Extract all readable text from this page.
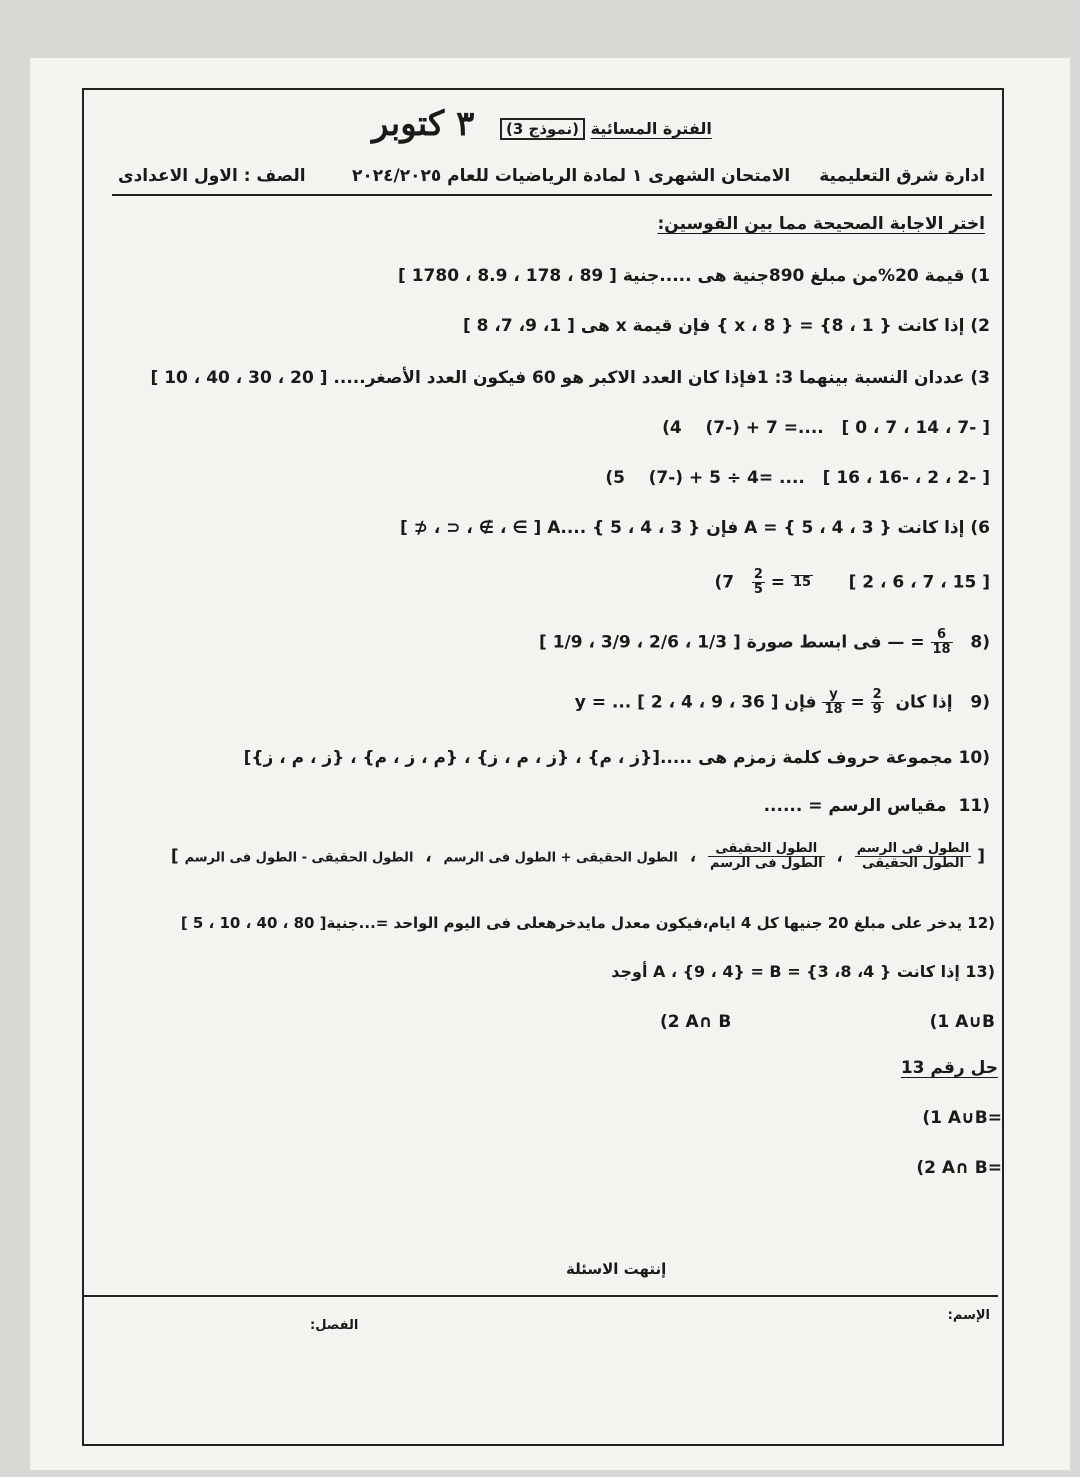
الفترة المسائية (نموذج 3)
٣ كتوبر
ادارة شرق التعليمية
الامتحان الشهرى ١ لمادة الرياضيات للعام ٢٠٢٤/٢٠٢٥
الصف : الاول الاعدادى
اختر الاجابة الصحيحة مما بين القوسين:
1) قيمة 20%من مبلغ 890جنية هى .....جنية [ 89 ، 178 ، 8.9 ، 1780 ]
2) إذا كانت { 1 ، 8} = { x ، 8 } فإن قيمة x هى [ 1، 9، 7، 8 ]
3) عددان النسبة بينهما 3: 1فإذا كان العدد الاكبر هو 60 فيكون العدد الأصغر..... [ 20 ، 30 ، 40 ، 10 ]
(4 (7-) + 7 =.... [ 0 ، 7 ، 14 ، 7- ]
(5 (7-) + 5 ÷ 4= .... [ 16 ، 16- ، 2 ، 2- ]
6) إذا كانت { 3 ، 4 ، 5 } = A فإن { 3 ، 4 ، 5 } ....A [ ∋ ، ∌ ، ⊂ ، ⊄ ]
($7 \frac{2}{5} = 15$ [ 2 ، 6 ، 7 ، 15 ]
(8
$\frac{6}{18}$
= — فى ابسط صورة [ 1/3 ، 2/6 ، 3/9 ، 1/9 ]
(9   إذا كان
$\frac{2}{9}$
=
$\frac{y}{18}$
فإن y = ... [ 2 ، 4 ، 9 ، 36 ]
(10 مجموعة حروف كلمة زمزم هى .....[{ز ، م} ، {ز ، م ، ز} ، {م ، ز ، م} ، {ز ، م ، ز}]
(11  مقياس الرسم = ......
[
$\frac{\text{الطول فى الرسم}}{\text{الطول الحقيقى}}$
،
$\frac{\text{الطول الحقيقى}}{\text{الطول فى الرسم}}$
،  الطول الحقيقى + الطول فى الرسم  ،  الطول الحقيقى - الطول فى الرسم ]
(12 يدخر على مبلغ 20 جنيها كل 4 ايام،فيكون معدل مايدخرهعلى فى اليوم الواحد =...جنية[ 80 ، 40 ، 10 ، 5 ]
(13 إذا كانت { 4، 8، 3} = A ، {9 ، 4} = B أوجد
(1 A∪B
(2 A∩ B
حل رقم 13
(1 A∪B=
(2 A∩ B=
إنتهت الاسئلة
الإسم:
الفصل:
